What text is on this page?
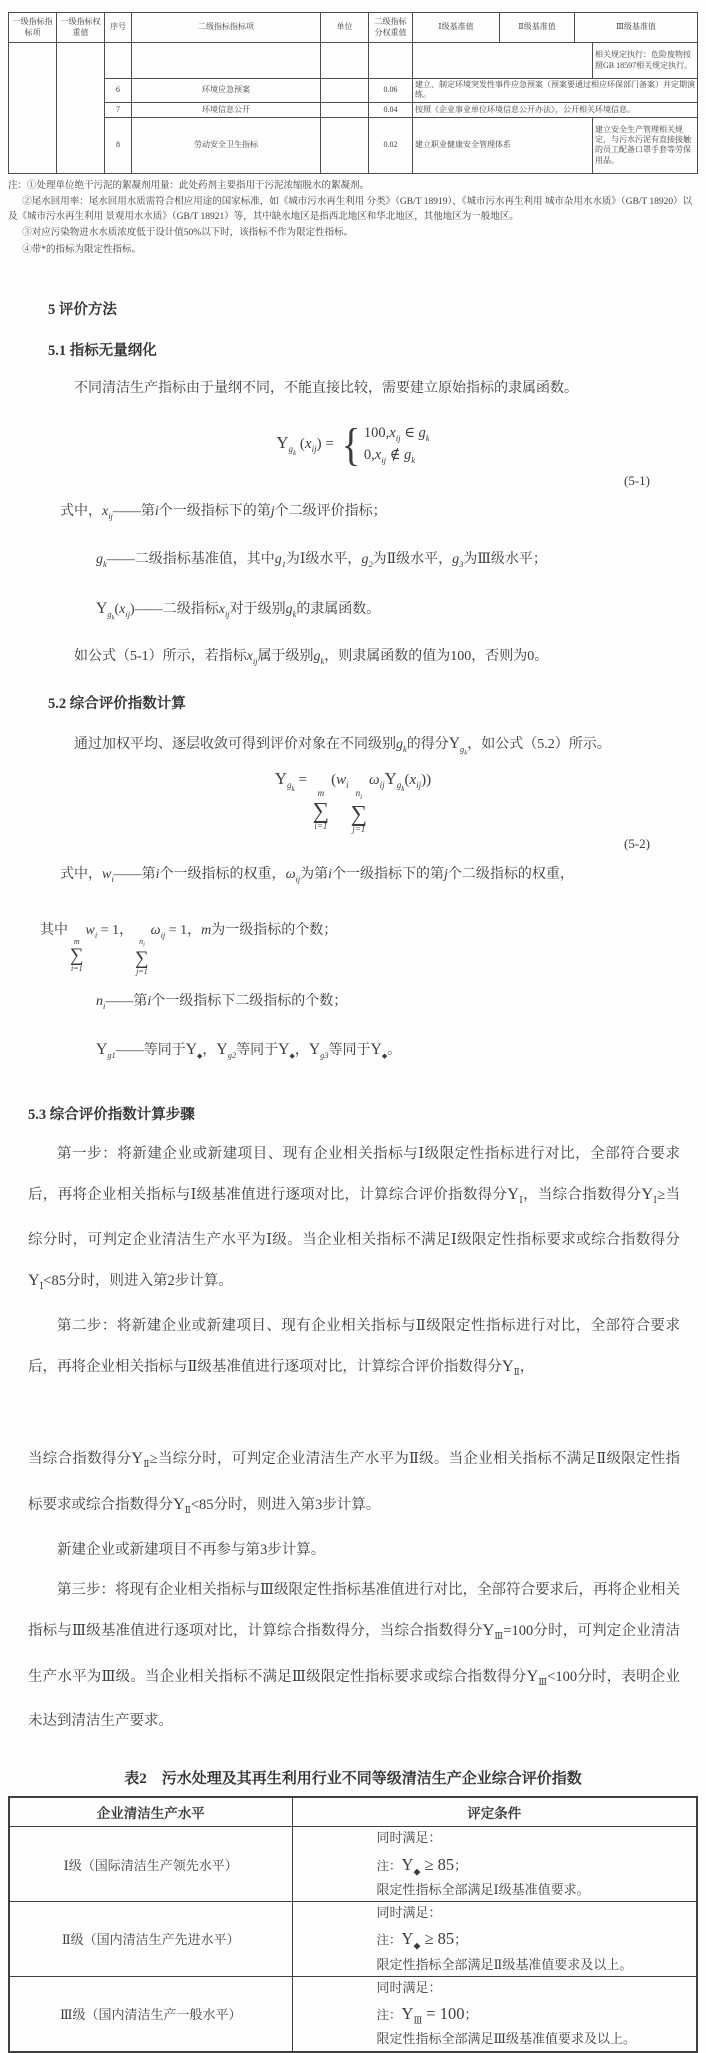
一级指标指标项	一级指标权重值	序号	二级指标指标项	单位	二级指标分权重值	Ⅰ级基准值	Ⅱ级基准值	Ⅲ级基准值	
									相关规定执行：危险废物按照GB 18597相关规定执行。
		6	环境应急预案		0.06	建立、制定环境突发性事件应急预案（预案要通过相应环保部门备案）并定期演练。			
		7	环境信息公开		0.04	按照《企业事业单位环境信息公开办法》，公开相关环境信息。			
		8	劳动安全卫生指标		0.02	建立职业健康安全管理体系			建立安全生产管理相关规定，与污水污泥有直接接触的员工配备口罩手套等劳保用品。

注：①处理单位绝干污泥的絮凝剂用量：此处药剂主要指用于污泥浓缩脱水的絮凝剂。

②尾水回用率：尾水回用水质需符合相应用途的国家标准，如《城市污水再生利用 分类》（GB/T 18919）、《城市污水再生利用 城市杂用水水质》（GB/T 18920）以及《城市污水再生利用 景观用水水质》（GB/T 18921）等，其中缺水地区是指西北地区和华北地区，其他地区为一般地区。

③对应污染物进水水质浓度低于设计值50%以下时，该指标不作为限定性指标。

④带*的指标为限定性指标。

5 评价方法
5.1 指标无量纲化

不同清洁生产指标由于量纲不同，不能直接比较，需要建立原始指标的隶属函数。

$Y_{g_k}$ $(x_{ij})$ = { $100,x_{ij}$ ∈ $g_k$
$0,x_{ij}$ ∉ $g_k$
(5-1)

式中，$x_{ij}——$第i个一级指标下的第j个二级评价指标；

$g_k——$二级指标基准值，其中$g_1$为Ⅰ级水平，$g_2$为Ⅱ级水平，$g_3$为Ⅲ级水平；

$Y_{g_k}(x_{ij})——$二级指标$x_{ij}$对于级别$g_k$的隶属函数。

如公式（5-1）所示，若指标$x_{ij}$属于级别$g_k$，则隶属函数的值为100，否则为0。

5.2 综合评价指数计算

通过加权平均、逐层收敛可得到评价对象在不同级别$g_k$的得分$Y_{g_k}$，如公式（5.2）所示。

$Y_{g_k}$ =
m
∑
i=1
($w_i$
$n_i$
∑
j=1
$\omega_{ij}Y_{g_k}(x_{ij})$)
(5-2)

式中，$w_i——$第i个一级指标的权重，$\omega_{ij}$为第i个一级指标下的第j个二级指标的权重，

其中
m
∑
i=1
$w_i = 1$，
$n_i$
∑
j=1
$\omega_{ij} = 1$，m为一级指标的个数；

$n_i——$第i个一级指标下二级指标的个数；

$Y_{g1}——$等同于$Y_◆$，$Y_{g2}$等同于$Y_◆$，$Y_{g3}$等同于$Y_◆$。

5.3 综合评价指数计算步骤

第一步：将新建企业或新建项目、现有企业相关指标与Ⅰ级限定性指标进行对比，全部符合要求后，再将企业相关指标与Ⅰ级基准值进行逐项对比，计算综合评价指数得分$Y_Ⅰ$，当综合指数得分$Y_Ⅰ\ge$当综分时，可判定企业清洁生产水平为Ⅰ级。当企业相关指标不满足Ⅰ级限定性指标要求或综合指数得分$Y_Ⅰ<85$分时，则进入第2步计算。

第二步：将新建企业或新建项目、现有企业相关指标与Ⅱ级限定性指标进行对比，全部符合要求后，再将企业相关指标与Ⅱ级基准值进行逐项对比，计算综合评价指数得分$Y_Ⅱ$，

当综合指数得分$Y_Ⅱ\ge$当综分时，可判定企业清洁生产水平为Ⅱ级。当企业相关指标不满足Ⅱ级限定性指标要求或综合指数得分$Y_Ⅱ<85$分时，则进入第3步计算。

新建企业或新建项目不再参与第3步计算。

第三步：将现有企业相关指标与Ⅲ级限定性指标基准值进行对比，全部符合要求后，再将企业相关指标与Ⅲ级基准值进行逐项对比，计算综合指数得分，当综合指数得分$Y_Ⅲ=100$分时，可判定企业清洁生产水平为Ⅲ级。当企业相关指标不满足Ⅲ级限定性指标要求或综合指数得分$Y_Ⅲ<100$分时，表明企业未达到清洁生产要求。

表2　污水处理及其再生利用行业不同等级清洁生产企业综合评价指数
企业清洁生产水平	评定条件
Ⅰ级（国际清洁生产领先水平）	同时满足：
注：$Y_◆ \ge 85$；
限定性指标全部满足Ⅰ级基准值要求。

Ⅱ级（国内清洁生产先进水平）	同时满足：
注：$Y_◆ \ge 85$；
限定性指标全部满足Ⅱ级基准值要求及以上。

Ⅲ级（国内清洁生产一般水平）	同时满足：
注：$Y_Ⅲ = 100$；
限定性指标全部满足Ⅲ级基准值要求及以上。
